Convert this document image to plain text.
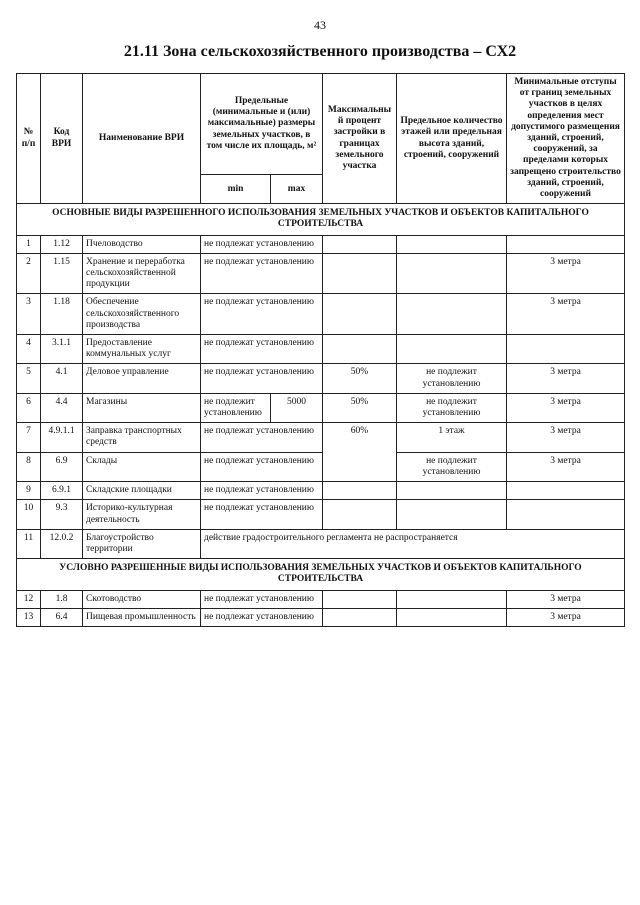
43
21.11 Зона сельскохозяйственного производства – СХ2
№ п/п	Код ВРИ	Наименование ВРИ	Предельные (минимальные и (или) максимальные) размеры земельных участков, в том числе их площадь, м²		Максимальный процент застройки в границах земельного участка	Предельное количество этажей или предельная высота зданий, строений, сооружений	Минимальные отступы от границ земельных участков в целях определения мест допустимого размещения зданий, строений, сооружений, за пределами которых запрещено строительство зданий, строений, сооружений
			min	max			
ОСНОВНЫЕ ВИДЫ РАЗРЕШЕННОГО ИСПОЛЬЗОВАНИЯ ЗЕМЕЛЬНЫХ УЧАСТКОВ И ОБЪЕКТОВ КАПИТАЛЬНОГО СТРОИТЕЛЬСТВА							
1	1.12	Пчеловодство	не подлежат установлению				
2	1.15	Хранение и переработка сельскохозяйственной продукции	не подлежат установлению				3 метра
3	1.18	Обеспечение сельскохозяйственного производства	не подлежат установлению				3 метра
4	3.1.1	Предоставление коммунальных услуг	не подлежат установлению				
5	4.1	Деловое управление	не подлежат установлению		50%	не подлежит установлению	3 метра
6	4.4	Магазины	не подлежит установлению	5000	50%	не подлежит установлению	3 метра
7	4.9.1.1	Заправка транспортных средств	не подлежат установлению		60%	1 этаж	3 метра
8	6.9	Склады	не подлежат установлению			не подлежит установлению	3 метра
9	6.9.1	Складские площадки	не подлежат установлению				
10	9.3	Историко-культурная деятельность	не подлежат установлению				
11	12.0.2	Благоустройство территории	действие градостроительного регламента не распространяется				
УСЛОВНО РАЗРЕШЕННЫЕ ВИДЫ ИСПОЛЬЗОВАНИЯ ЗЕМЕЛЬНЫХ УЧАСТКОВ И ОБЪЕКТОВ КАПИТАЛЬНОГО СТРОИТЕЛЬСТВА							
12	1.8	Скотоводство	не подлежат установлению				3 метра
13	6.4	Пищевая промышленность	не подлежат установлению				3 метра
